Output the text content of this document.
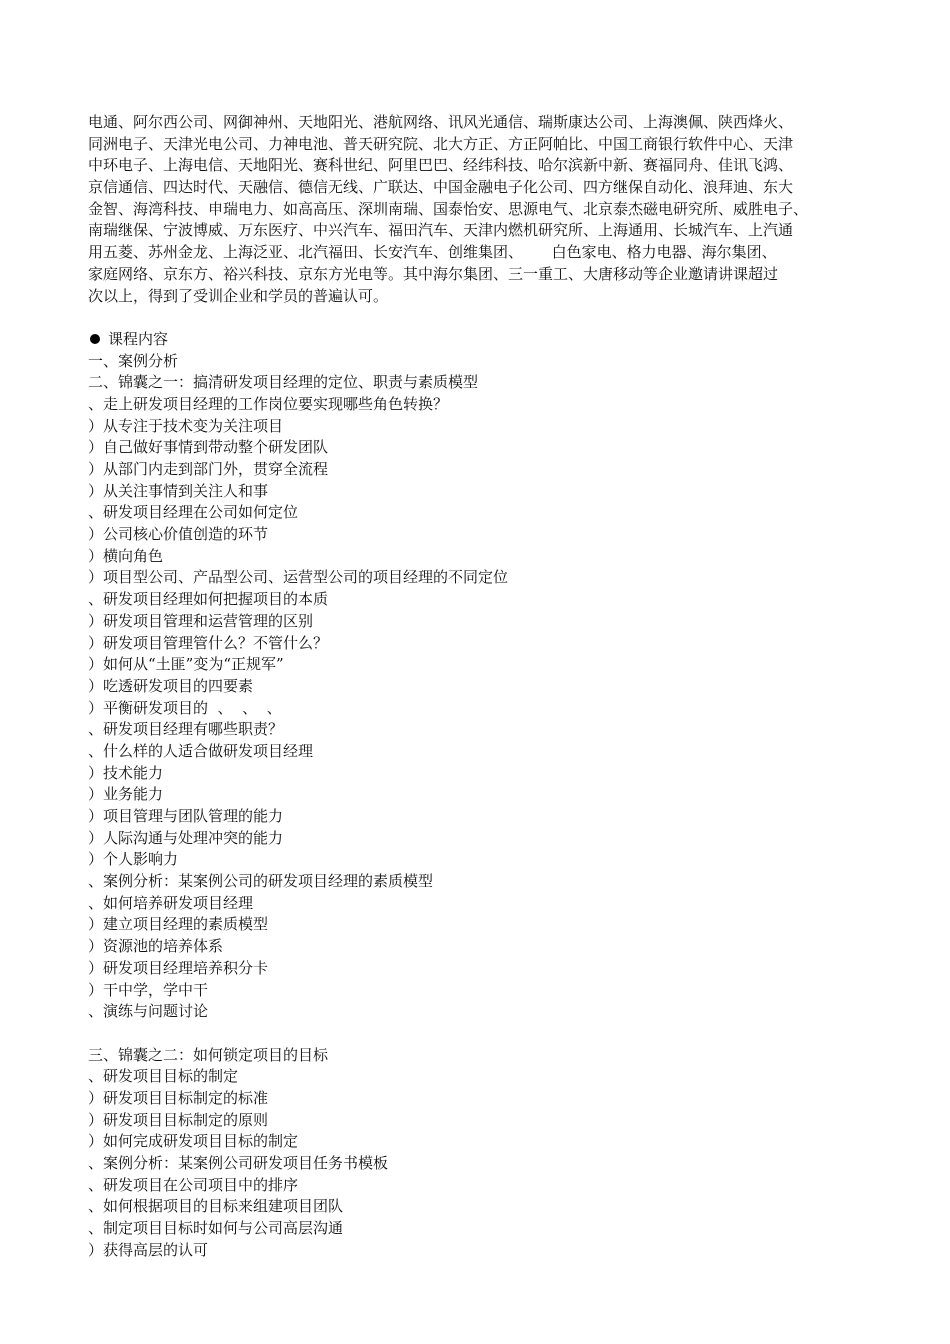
电通、阿尔西公司、网御神州、天地阳光、港航网络、讯风光通信、瑞斯康达公司、上海澳佩、陕西烽火、
同洲电子、天津光电公司、力神电池、普天研究院、北大方正、方正阿帕比、中国工商银行软件中心、天津
中环电子、上海电信、天地阳光、赛科世纪、阿里巴巴、经纬科技、哈尔滨新中新、赛福同舟、佳讯飞鸿、
京信通信、四达时代、天融信、德信无线、广联达、中国金融电子化公司、四方继保自动化、浪拜迪、东大
金智、海湾科技、申瑞电力、如高高压、深圳南瑞、国泰怡安、思源电气、北京泰杰磁电研究所、威胜电子、
南瑞继保、宁波博威、万东医疗、中兴汽车、福田汽车、天津内燃机研究所、上海通用、长城汽车、上汽通
用五菱、苏州金龙、上海泛亚、北汽福田、长安汽车、创维集团、      白色家电、格力电器、海尔集团、
家庭网络、京东方、裕兴科技、京东方光电等。其中海尔集团、三一重工、大唐移动等企业邀请讲课超过
次以上，得到了受训企业和学员的普遍认可。
课程内容
一、案例分析
二、锦囊之一：搞清研发项目经理的定位、职责与素质模型
、走上研发项目经理的工作岗位要实现哪些角色转换？
）从专注于技术变为关注项目
）自己做好事情到带动整个研发团队
）从部门内走到部门外，贯穿全流程
）从关注事情到关注人和事
、研发项目经理在公司如何定位
）公司核心价值创造的环节
）横向角色
）项目型公司、产品型公司、运营型公司的项目经理的不同定位
、研发项目经理如何把握项目的本质
）研发项目管理和运营管理的区别
）研发项目管理管什么？不管什么？
）如何从“土匪”变为“正规军”
）吃透研发项目的四要素
）平衡研发项目的  、  、  、
、研发项目经理有哪些职责？
、什么样的人适合做研发项目经理
）技术能力
）业务能力
）项目管理与团队管理的能力
）人际沟通与处理冲突的能力
）个人影响力
、案例分析：某案例公司的研发项目经理的素质模型
、如何培养研发项目经理
）建立项目经理的素质模型
）资源池的培养体系
）研发项目经理培养积分卡
）干中学，学中干
、演练与问题讨论
三、锦囊之二：如何锁定项目的目标
、研发项目目标的制定
）研发项目目标制定的标准
）研发项目目标制定的原则
）如何完成研发项目目标的制定
、案例分析：某案例公司研发项目任务书模板
、研发项目在公司项目中的排序
、如何根据项目的目标来组建项目团队
、制定项目目标时如何与公司高层沟通
）获得高层的认可
